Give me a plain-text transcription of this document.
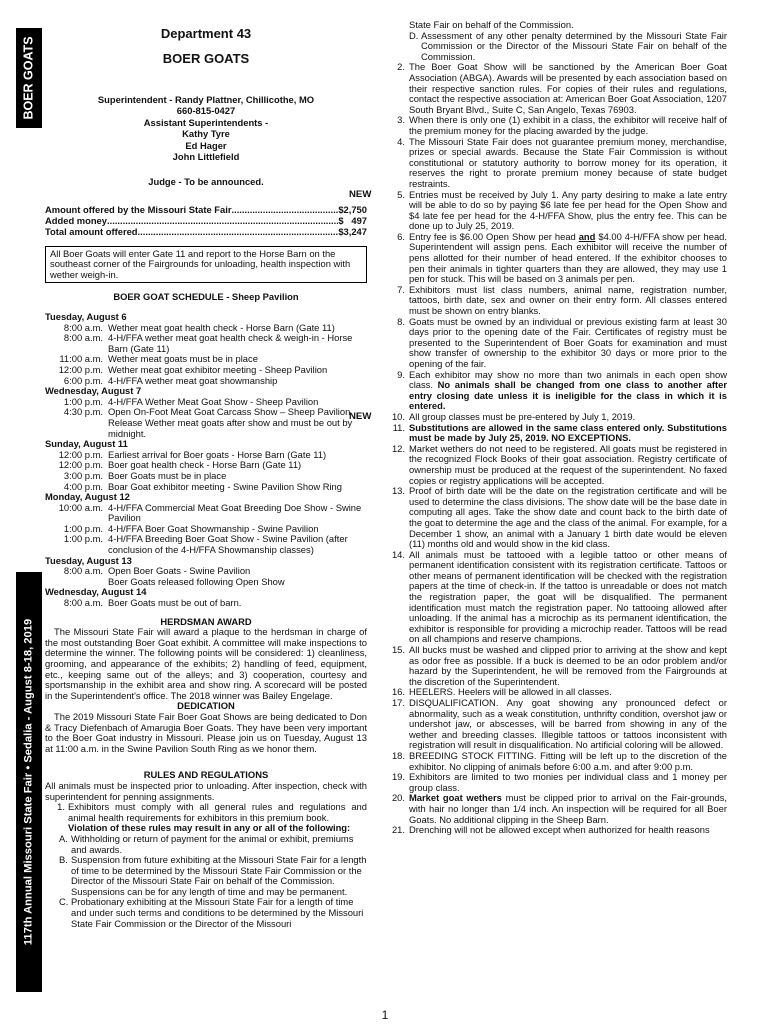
BOER GOATS
117th Annual Missouri State Fair • Sedalia - August 8-18, 2019
Department 43
BOER GOATS
Superintendent - Randy Plattner, Chillicothe, MO
660-815-0427
Assistant Superintendents -
Kathy Tyre
Ed Hager
John Littlefield
Judge - To be announced.
Amount offered by the Missouri State Fair .....	$2,750
Added money .....	$   497
Total amount offered .....	$3,247
All Boer Goats will enter Gate 11 and report to the Horse Barn on the southeast corner of the Fairgrounds for unloading, health inspection with wether weigh-in.
BOER GOAT SCHEDULE - Sheep Pavilion
Tuesday, August 6
8:00 a.m. Wether meat goat health check - Horse Barn (Gate 11)
8:00 a.m. 4-H/FFA wether meat goat health check & weigh-in - Horse Barn (Gate 11)
11:00 a.m. Wether meat goats must be in place
12:00 p.m. Wether meat goat exhibitor meeting - Sheep Pavilion
6:00 p.m. 4-H/FFA wether meat goat showmanship
Wednesday, August 7
1:00 p.m. 4-H/FFA Wether Meat Goat Show - Sheep Pavilion
4:30 p.m. Open On-Foot Meat Goat Carcass Show – Sheep Pavilion Release Wether meat goats after show and must be out by midnight.
Sunday, August 11
12:00 p.m. Earliest arrival for Boer goats - Horse Barn (Gate 11)
12:00 p.m. Boer goat health check - Horse Barn (Gate 11)
3:00 p.m. Boer Goats must be in place
4:00 p.m. Boar Goat exhibitor meeting - Swine Pavilion Show Ring
Monday, August 12
10:00 a.m. 4-H/FFA Commercial Meat Goat Breeding Doe Show - Swine Pavilion
1:00 p.m. 4-H/FFA Boer Goat Showmanship - Swine Pavilion
1:00 p.m. 4-H/FFA Breeding Boer Goat Show - Swine Pavilion (after conclusion of the 4-H/FFA Showmanship classes)
Tuesday, August 13
8:00 a.m. Open Boer Goats - Swine Pavilion
Boer Goats released following Open Show
Wednesday, August 14
8:00 a.m. Boer Goats must be out of barn.
HERDSMAN AWARD
The Missouri State Fair will award a plaque to the herdsman in charge of the most outstanding Boer Goat exhibit. A committee will make inspections to determine the winner. The following points will be considered: 1) cleanliness, grooming, and appearance of the exhibits; 2) handling of feed, equipment, etc., keeping same out of the alleys; and 3) cooperation, courtesy and sportsmanship in the exhibit area and show ring. A scorecard will be posted in the Superintendent's office. The 2018 winner was Bailey Engelage.
DEDICATION
The 2019 Missouri State Fair Boer Goat Shows are being dedicated to Don & Tracy Diefenbach of Amarugia Boer Goats. They have been very important to the Boer Goat industry in Missouri. Please join us on Tuesday, August 13 at 11:00 a.m. in the Swine Pavilion South Ring as we honor them.
RULES AND REGULATIONS
All animals must be inspected prior to unloading. After inspection, check with superintendent for penning assignments.
1. Exhibitors must comply with all general rules and regulations and animal health requirements for exhibitors in this premium book.
Violation of these rules may result in any or all of the following:
A. Withholding or return of payment for the animal or exhibit, premiums and awards.
B. Suspension from future exhibiting at the Missouri State Fair for a length of time to be determined by the Missouri State Fair Commission or the Director of the Missouri State Fair on behalf of the Commission. Suspensions can be for any length of time and may be permanent.
C. Probationary exhibiting at the Missouri State Fair for a length of time and under such terms and conditions to be determined by the Missouri State Fair Commission or the Director of the Missouri
State Fair on behalf of the Commission.
D. Assessment of any other penalty determined by the Missouri State Fair Commission or the Director of the Missouri State Fair on behalf of the Commission.
2. The Boer Goat Show will be sanctioned by the American Boer Goat Association (ABGA). Awards will be presented by each association based on their respective sanction rules. For copies of their rules and regulations, contact the respective association at: American Boer Goat Association, 1207 South Bryant Blvd., Suite C, San Angelo, Texas 76903.
3. When there is only one (1) exhibit in a class, the exhibitor will receive half of the premium money for the placing awarded by the judge.
4. The Missouri State Fair does not guarantee premium money, merchandise, prizes or special awards. Because the State Fair Commission is without constitutional or statutory authority to borrow money for its operation, it reserves the right to prorate premium money because of state budget restraints.
NEW	5. Entries must be received by July 1. Any party desiring to make a late entry will be able to do so by paying $6 late fee per head for the Open Show and $4 late fee per head for the 4-H/FFA Show, plus the entry fee. This can be done up to July 25, 2019.
6. Entry fee is $6.00 Open Show per head and $4.00 4-H/FFA show per head. Superintendent will assign pens. Each exhibitor will receive the number of pens allotted for their number of head entered. If the exhibitor chooses to pen their animals in tighter quarters than they are allowed, they may use 1 pen for stuck. This will be based on 3 animals per pen.
7. Exhibitors must list class numbers, animal name, registration number, tattoos, birth date, sex and owner on their entry form. All classes entered must be shown on entry blanks.
8. Goats must be owned by an individual or previous existing farm at least 30 days prior to the opening date of the Fair. Certificates of registry must be presented to the Superintendent of Boer Goats for examination and must show transfer of ownership to the exhibitor 30 days or more prior to the opening of the fair.
9. Each exhibitor may show no more than two animals in each open show class. No animals shall be changed from one class to another after entry closing date unless it is ineligible for the class in which it is entered.
NEW	10. All group classes must be pre-entered by July 1, 2019.
11. Substitutions are allowed in the same class entered only. Substitutions must be made by July 25, 2019. NO EXCEPTIONS.
12. Market wethers do not need to be registered. All goats must be registered in the recognized Flock Books of their goat association. Registry certificate of ownership must be produced at the request of the superintendent. No faxed copies or registry applications will be accepted.
13. Proof of birth date will be the date on the registration certificate and will be used to determine the class divisions. The show date will be the base date in computing all ages. Take the show date and count back to the birth date of the goat to determine the age and the class of the animal. For example, for a December 1 show, an animal with a January 1 birth date would be eleven (11) months old and would show in the kid class.
14. All animals must be tattooed with a legible tattoo or other means of permanent identification consistent with its registration certificate. Tattoos or other means of permanent identification will be checked with the registration papers at the time of check-in. If the tattoo is unreadable or does not match the registration paper, the goat will be disqualified. The permanent identification must match the registration paper. No tattooing allowed after unloading. If the animal has a microchip as its permanent identification, the exhibitor is responsible for providing a microchip reader. Tattoos will be read on all champions and reserve champions.
15. All bucks must be washed and clipped prior to arriving at the show and kept as odor free as possible. If a buck is deemed to be an odor problem and/or hazard by the Superintendent, he will be removed from the Fairgrounds at the discretion of the Superintendent.
16. HEELERS. Heelers will be allowed in all classes.
17. DISQUALIFICATION. Any goat showing any pronounced defect or abnormality, such as a weak constitution, unthrifty condition, overshot jaw or undershot jaw, or abscesses, will be barred from showing in any of the wether and breeding classes. Illegible tattoos or tattoos inconsistent with registration will result in disqualification. No artificial coloring will be allowed.
18. BREEDING STOCK FITTING. Fitting will be left up to the discretion of the exhibitor. No clipping of animals before 6:00 a.m. and after 9:00 p.m.
19. Exhibitors are limited to two monies per individual class and 1 money per group class.
20. Market goat wethers must be clipped prior to arrival on the Fair-grounds, with hair no longer than 1/4 inch. An inspection will be required for all Boer Goats. No additional clipping in the Sheep Barn.
21. Drenching will not be allowed except when authorized for health reasons
1
